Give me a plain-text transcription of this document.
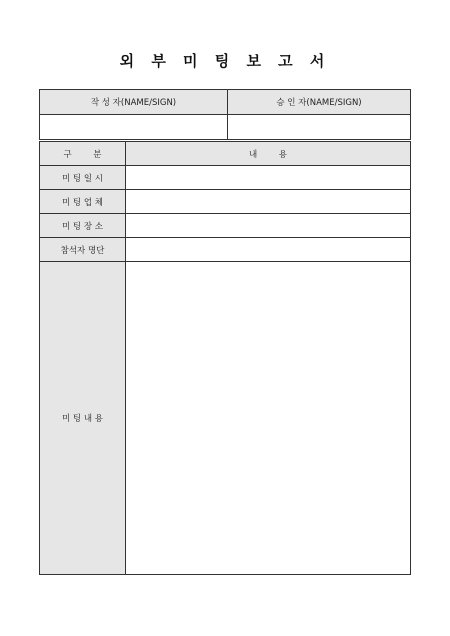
외 부 미 팅 보 고 서
작 성 자(NAME/SIGN)	승 인 자(NAME/SIGN)

구        분	내        용
미 팅 일 시	
미 팅 업 체	
미 팅 장 소	
참석자 명단	
미 팅 내 용	
